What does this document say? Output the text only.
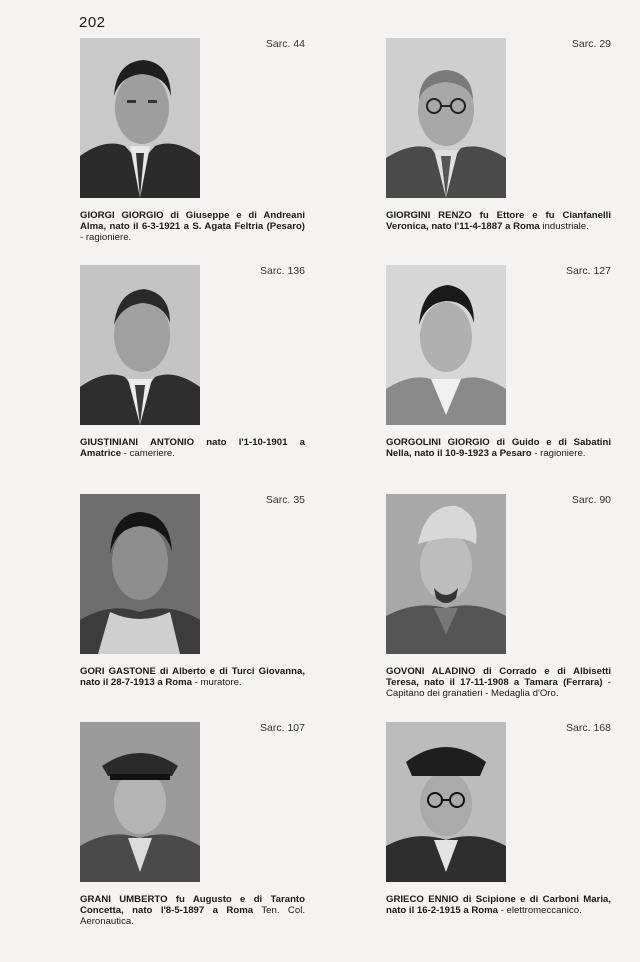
202
Sarc. 44
GIORGI GIORGIO di Giuseppe e di Andreani Alma, nato il 6-3-1921 a S. Agata Feltria (Pesaro) - ragioniere.
Sarc. 29
GIORGINI RENZO fu Ettore e fu Cianfanelli Veronica, nato l'11-4-1887 a Roma industriale.
Sarc. 136
GIUSTINIANI ANTONIO nato l'1-10-1901 a Amatrice - cameriere.
Sarc. 127
GORGOLINI GIORGIO di Guido e di Sabatini Nella, nato il 10-9-1923 a Pesaro - ragioniere.
Sarc. 35
GORI GASTONE di Alberto e di Turci Giovanna, nato il 28-7-1913 a Roma - muratore.
Sarc. 90
GOVONI ALADINO di Corrado e di Albisetti Teresa, nato il 17-11-1908 a Tamara (Ferrara) - Capitano dei granatieri - Medaglia d'Oro.
Sarc. 107
GRANI UMBERTO fu Augusto e di Taranto Concetta, nato l'8-5-1897 a Roma Ten. Col. Aeronautica.
Sarc. 168
GRIECO ENNIO di Scipione e di Carboni Maria, nato il 16-2-1915 a Roma - elettromeccanico.
